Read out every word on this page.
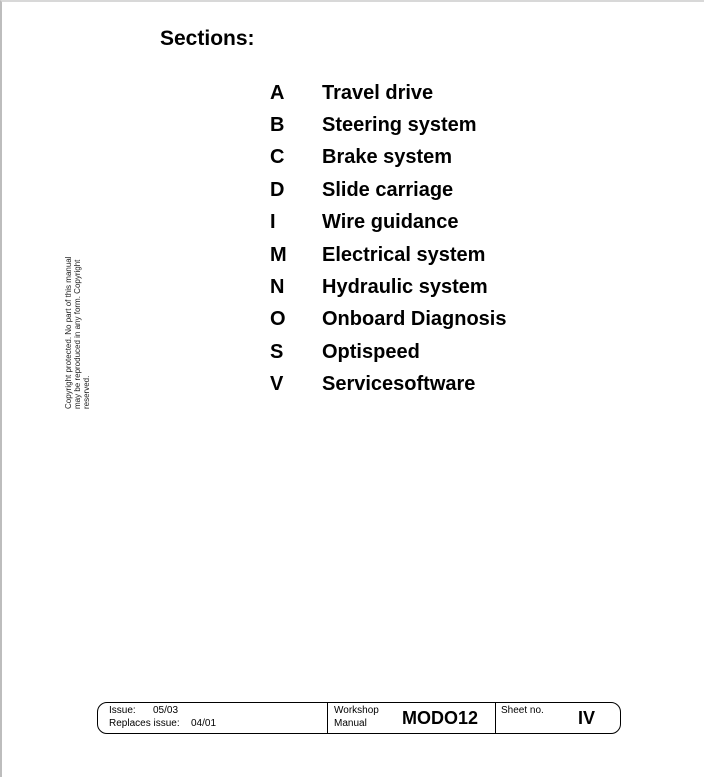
Sections:
A Travel drive
B Steering system
C Brake system
D Slide carriage
I Wire guidance
M Electrical system
N Hydraulic system
O Onboard Diagnosis
S Optispeed
V Servicesoftware
Copyright protected. No part of this manual may be reproduced in any form. Copyright reserved.
Issue: 05/03
Replaces issue: 04/01
Workshop
Manual MODO12 Sheet no. IV
